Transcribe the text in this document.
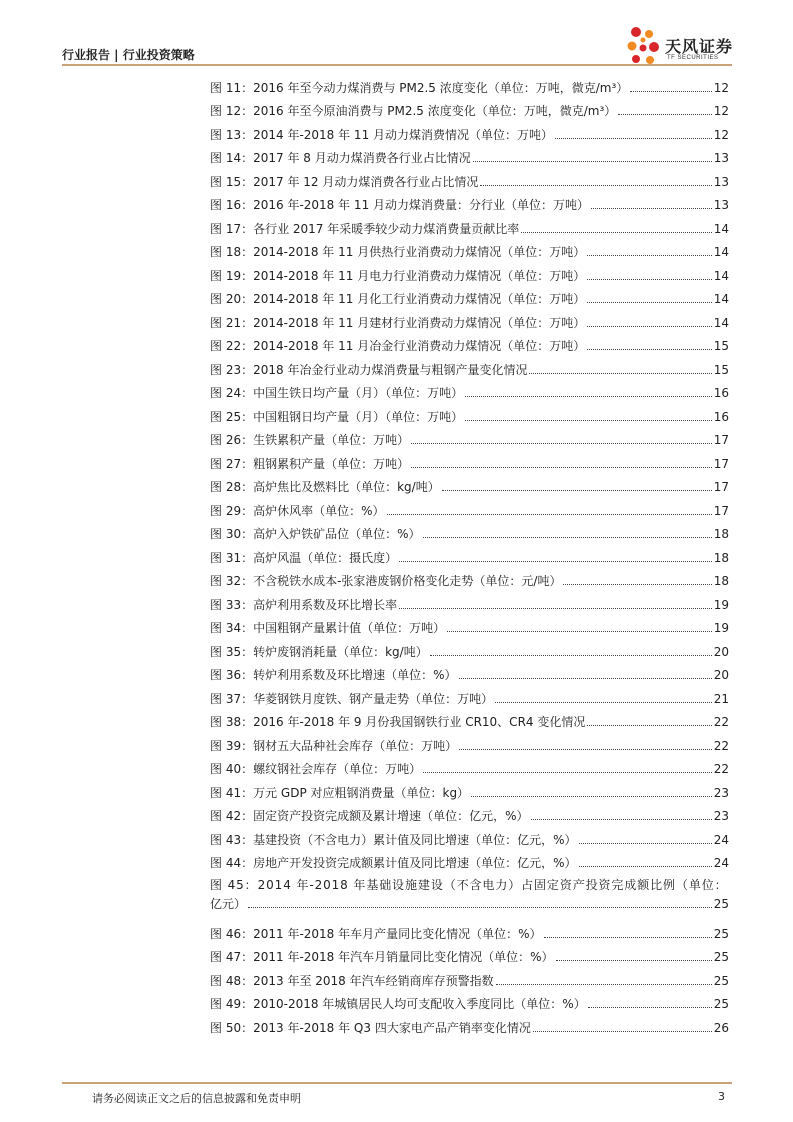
行业报告 | 行业投资策略	天风证券
TF SECURITIES
图 11：2016 年至今动力煤消费与 PM2.5 浓度变化（单位：万吨，微克/m³）	12
图 12：2016 年至今原油消费与 PM2.5 浓度变化（单位：万吨，微克/m³）	12
图 13：2014 年-2018 年 11 月动力煤消费情况（单位：万吨）	12
图 14：2017 年 8 月动力煤消费各行业占比情况	13
图 15：2017 年 12 月动力煤消费各行业占比情况	13
图 16：2016 年-2018 年 11 月动力煤消费量：分行业（单位：万吨）	13
图 17：各行业 2017 年采暖季较少动力煤消费量贡献比率	14
图 18：2014-2018 年 11 月供热行业消费动力煤情况（单位：万吨）	14
图 19：2014-2018 年 11 月电力行业消费动力煤情况（单位：万吨）	14
图 20：2014-2018 年 11 月化工行业消费动力煤情况（单位：万吨）	14
图 21：2014-2018 年 11 月建材行业消费动力煤情况（单位：万吨）	14
图 22：2014-2018 年 11 月冶金行业消费动力煤情况（单位：万吨）	15
图 23：2018 年冶金行业动力煤消费量与粗钢产量变化情况	15
图 24：中国生铁日均产量（月）（单位：万吨）	16
图 25：中国粗钢日均产量（月）（单位：万吨）	16
图 26：生铁累积产量（单位：万吨）	17
图 27：粗钢累积产量（单位：万吨）	17
图 28：高炉焦比及燃料比（单位：kg/吨）	17
图 29：高炉休风率（单位：%）	17
图 30：高炉入炉铁矿品位（单位：%）	18
图 31：高炉风温（单位：摄氏度）	18
图 32：不含税铁水成本-张家港废钢价格变化走势（单位：元/吨）	18
图 33：高炉利用系数及环比增长率	19
图 34：中国粗钢产量累计值（单位：万吨）	19
图 35：转炉废钢消耗量（单位：kg/吨）	20
图 36：转炉利用系数及环比增速（单位：%）	20
图 37：华菱钢铁月度铁、钢产量走势（单位：万吨）	21
图 38：2016 年-2018 年 9 月份我国钢铁行业 CR10、CR4 变化情况	22
图 39：钢材五大品种社会库存（单位：万吨）	22
图 40：螺纹钢社会库存（单位：万吨）	22
图 41：万元 GDP 对应粗钢消费量（单位：kg）	23
图 42：固定资产投资完成额及累计增速（单位：亿元，%）	23
图 43：基建投资（不含电力）累计值及同比增速（单位：亿元，%）	24
图 44：房地产开发投资完成额累计值及同比增速（单位：亿元，%）	24
图 45：2014 年-2018 年基础设施建设（不含电力）占固定资产投资完成额比例（单位：
亿元）	25
图 46：2011 年-2018 年车月产量同比变化情况（单位：%）	25
图 47：2011 年-2018 年汽车月销量同比变化情况（单位：%）	25
图 48：2013 年至 2018 年汽车经销商库存预警指数	25
图 49：2010-2018 年城镇居民人均可支配收入季度同比（单位：%）	25
图 50：2013 年-2018 年 Q3 四大家电产品产销率变化情况	26
请务必阅读正文之后的信息披露和免责申明	3
